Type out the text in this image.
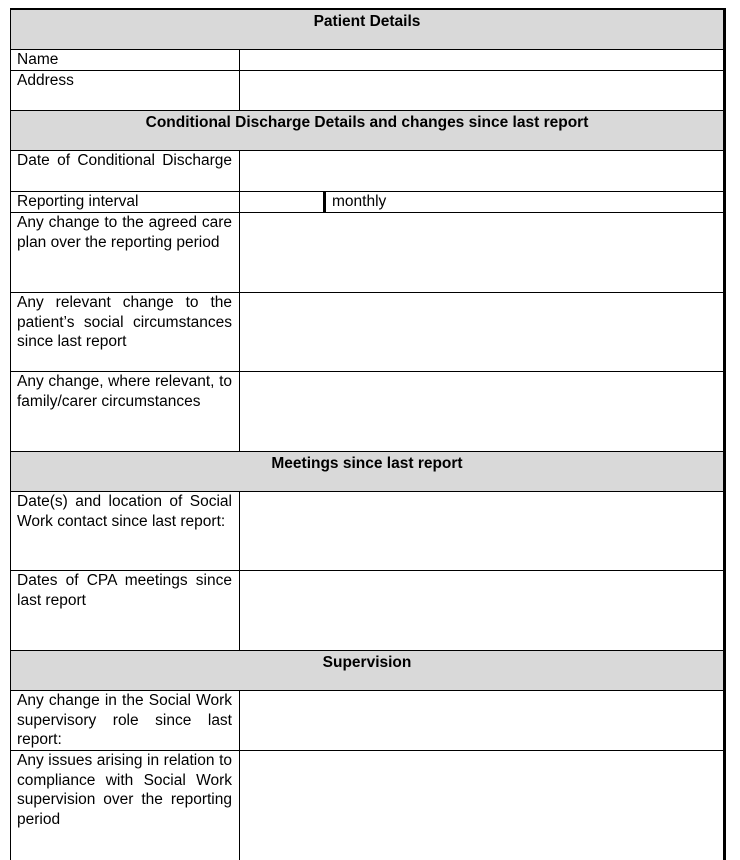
Patient Details
Name
Address
Conditional Discharge Details and changes since last report
Date of Conditional Discharge
Reporting interval	monthly
Any change to the agreed care plan over the reporting period
Any relevant change to the patient’s social circumstances since last report
Any change, where relevant, to family/carer circumstances
Meetings since last report
Date(s) and location of Social Work contact since last report:
Dates of CPA meetings since last report
Supervision
Any change in the Social Work supervisory role since last report:
Any issues arising in relation to compliance with Social Work supervision over the reporting period
